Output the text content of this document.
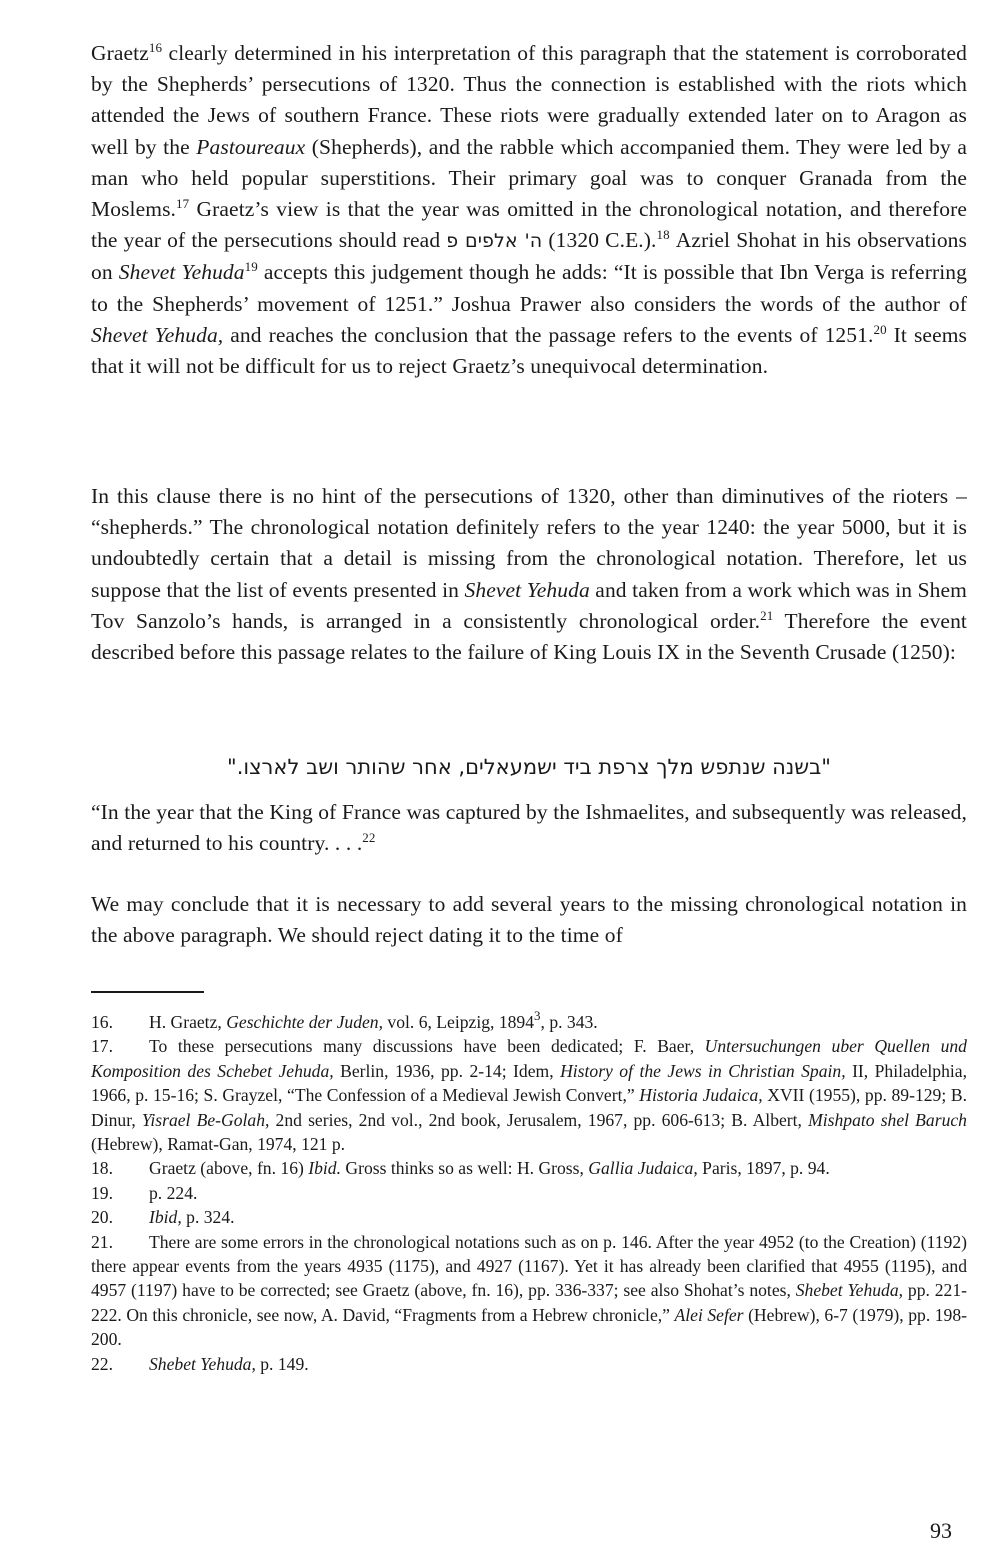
Graetz$^{16}$ clearly determined in his interpretation of this paragraph that the statement is corroborated by the Shepherds’ persecutions of 1320. Thus the connection is established with the riots which attended the Jews of southern France. These riots were gradually extended later on to Aragon as well by the Pastoureaux (Shepherds), and the rabble which accompanied them. They were led by a man who held popular superstitions. Their primary goal was to conquer Granada from the Moslems.$^{17}$ Graetz’s view is that the year was omitted in the chronological notation, and therefore the year of the persecutions should read ה' אלפים פ (1320 C.E.).$^{18}$ Azriel Shohat in his observations on Shevet Yehuda$^{19}$ accepts this judgement though he adds: “It is possible that Ibn Verga is referring to the Shepherds’ movement of 1251.” Joshua Prawer also considers the words of the author of Shevet Yehuda, and reaches the conclusion that the passage refers to the events of 1251.20 It seems that it will not be difficult for us to reject Graetz’s unequivocal determination.
In this clause there is no hint of the persecutions of 1320, other than diminutives of the rioters – “shepherds.” The chronological notation definitely refers to the year 1240: the year 5000, but it is undoubtedly certain that a detail is missing from the chronological notation. Therefore, let us suppose that the list of events presented in Shevet Yehuda and taken from a work which was in Shem Tov Sanzolo’s hands, is arranged in a consistently chronological order.$^{21}$ Therefore the event described before this passage relates to the failure of King Louis IX in the Seventh Crusade (1250):
"בשנה שנתפש מלך צרפת ביד ישמעאלים, אחר שהותר ושב לארצו."
“In the year that the King of France was captured by the Ishmaelites, and subsequently was released, and returned to his country. . . .$^{22}$
We may conclude that it is necessary to add several years to the missing chronological notation in the above paragraph. We should reject dating it to the time of
16. H. Graetz, Geschichte der Juden, vol. 6, Leipzig, 1894$^3$, p. 343.
17. To these persecutions many discussions have been dedicated; F. Baer, Untersuchungen uber Quellen und Komposition des Schebet Jehuda, Berlin, 1936, pp. 2-14; Idem, History of the Jews in Christian Spain, II, Philadelphia, 1966, p. 15-16; S. Grayzel, “The Confession of a Medieval Jewish Convert,” Historia Judaica, XVII (1955), pp. 89-129; B. Dinur, Yisrael Be-Golah, 2nd series, 2nd vol., 2nd book, Jerusalem, 1967, pp. 606-613; B. Albert, Mishpato shel Baruch (Hebrew), Ramat-Gan, 1974, 121 p.
18. Graetz (above, fn. 16) Ibid. Gross thinks so as well: H. Gross, Gallia Judaica, Paris, 1897, p. 94.
19. p. 224.
20. Ibid, p. 324.
21. There are some errors in the chronological notations such as on p. 146. After the year 4952 (to the Creation) (1192) there appear events from the years 4935 (1175), and 4927 (1167). Yet it has already been clarified that 4955 (1195), and 4957 (1197) have to be corrected; see Graetz (above, fn. 16), pp. 336-337; see also Shohat’s notes, Shebet Yehuda, pp. 221-222. On this chronicle, see now, A. David, “Fragments from a Hebrew chronicle,” Alei Sefer (Hebrew), 6-7 (1979), pp. 198-200.
22. Shebet Yehuda, p. 149.
93
